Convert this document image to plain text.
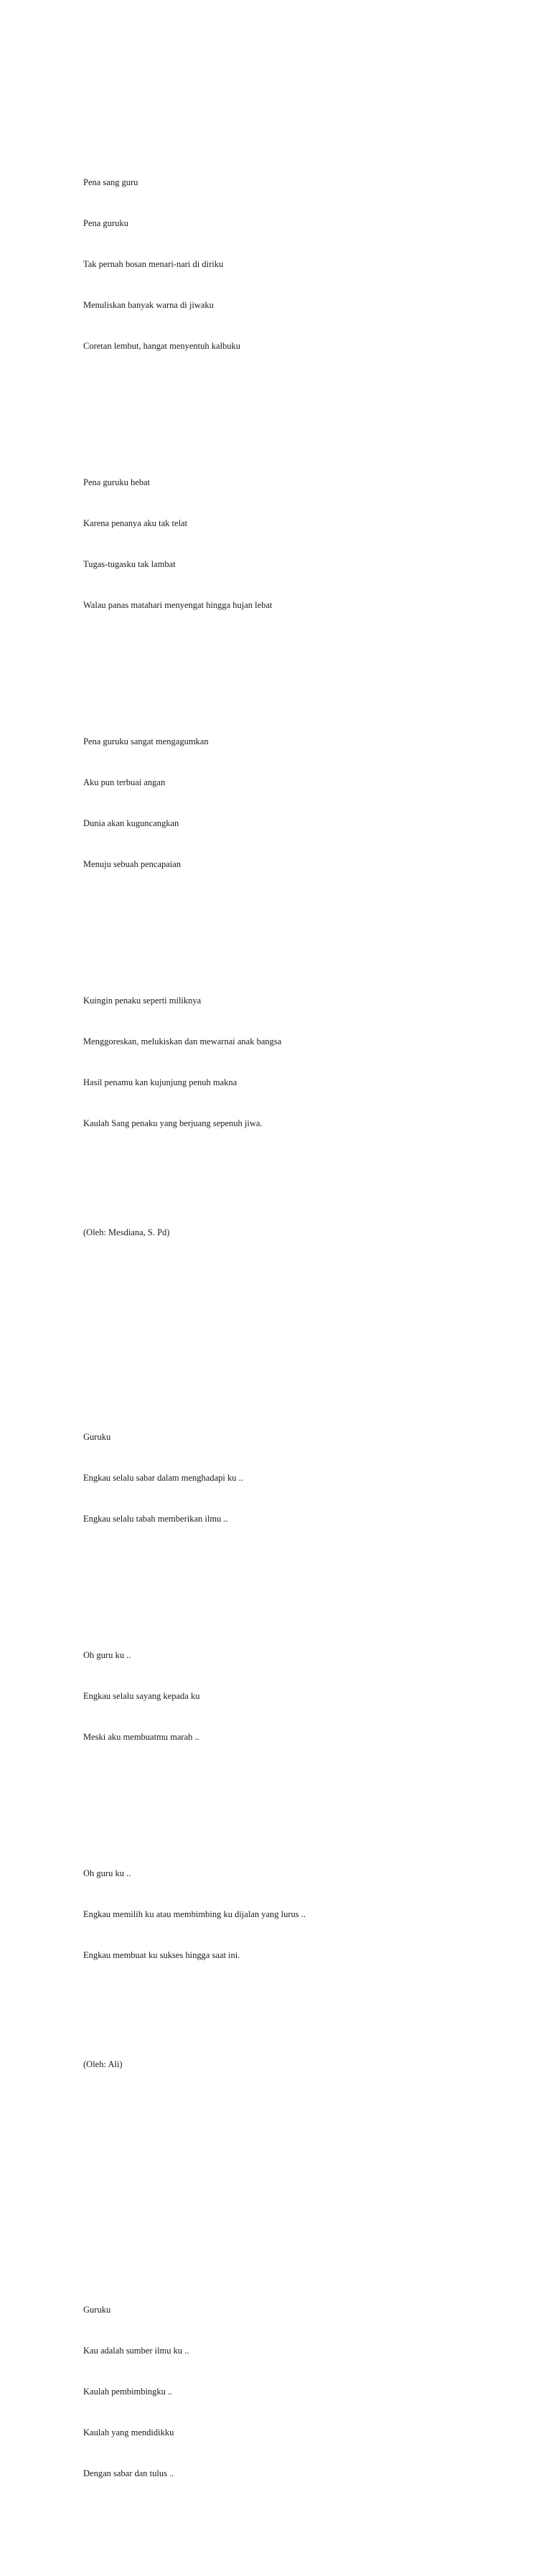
Pena sang guru

Pena guruku

Tak pernah bosan menari-nari di diriku

Menuliskan banyak warna di jiwaku

Coretan lembut, hangat menyentuh kalbuku

Pena guruku hebat

Karena penanya aku tak telat

Tugas-tugasku tak lambat

Walau panas matahari menyengat hingga hujan lebat

Pena guruku sangat mengagumkan

Aku pun terbuai angan

Dunia akan kuguncangkan

Menuju sebuah pencapaian

Kuingin penaku seperti miliknya

Menggoreskan, melukiskan dan mewarnai anak bangsa

Hasil penamu kan kujunjung penuh makna

Kaulah Sang penaku yang berjuang sepenuh jiwa.

(Oleh: Mesdiana, S. Pd)

Guruku

Engkau selalu sabar dalam menghadapi ku ..

Engkau selalu tabah memberikan ilmu ..

Oh guru ku ..

Engkau selalu sayang kepada ku

Meski aku membuatmu marah ..

Oh guru ku ..

Engkau memilih ku atau membimbing ku dijalan yang lurus ..

Engkau membuat ku sukses hingga saat ini.

(Oleh: Ali)

Guruku

Kau adalah sumber ilmu ku ..

Kaulah pembimbingku ..

Kaulah yang mendidikku

Dengan sabar dan tulus ..
